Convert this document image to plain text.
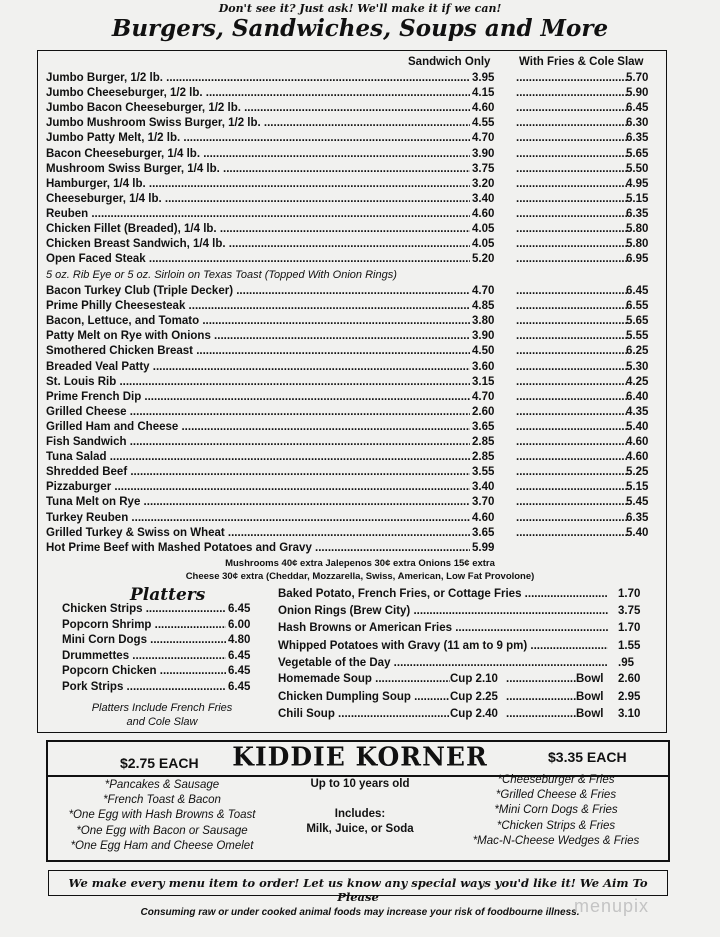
Don't see it? Just ask! We'll make it if we can!
Burgers, Sandwiches, Soups and More
Sandwich Only With Fries & Cole Slaw
Jumbo Burger, 1/2 lb. .....	3.95 .....	5.70
Jumbo Cheeseburger, 1/2 lb. .....	4.15 .....	5.90
Jumbo Bacon Cheeseburger, 1/2 lb. .....	4.60 .....	6.45
Jumbo Mushroom Swiss Burger, 1/2 lb. .....	4.55 .....	6.30
Jumbo Patty Melt, 1/2 lb. .....	4.70 .....	6.35
Bacon Cheeseburger, 1/4 lb. .....	3.90 .....	5.65
Mushroom Swiss Burger, 1/4 lb. .....	3.75 .....	5.50
Hamburger, 1/4 lb. .....	3.20 .....	4.95
Cheeseburger, 1/4 lb. .....	3.40 .....	5.15
Reuben .....	4.60 .....	6.35
Chicken Fillet (Breaded), 1/4 lb. .....	4.05 .....	5.80
Chicken Breast Sandwich, 1/4 lb. .....	4.05 .....	5.80
Open Faced Steak .....	5.20 .....	6.95
5 oz. Rib Eye or 5 oz. Sirloin on Texas Toast (Topped With Onion Rings)
Bacon Turkey Club (Triple Decker) .....	4.70 .....	6.45
Prime Philly Cheesesteak .....	4.85 .....	6.55
Bacon, Lettuce, and Tomato .....	3.80 .....	5.65
Patty Melt on Rye with Onions .....	3.90 .....	5.55
Smothered Chicken Breast .....	4.50 .....	6.25
Breaded Veal Patty .....	3.60 .....	5.30
St. Louis Rib .....	3.15 .....	4.25
Prime French Dip .....	4.70 .....	6.40
Grilled Cheese .....	2.60 .....	4.35
Grilled Ham and Cheese .....	3.65 .....	5.40
Fish Sandwich .....	2.85 .....	4.60
Tuna Salad .....	2.85 .....	4.60
Shredded Beef .....	3.55 .....	5.25
Pizzaburger .....	3.40 .....	5.15
Tuna Melt on Rye .....	3.70 .....	5.45
Turkey Reuben .....	4.60 .....	6.35
Grilled Turkey & Swiss on Wheat .....	3.65 .....	5.40
Hot Prime Beef with Mashed Potatoes and Gravy .....	5.99
Mushrooms 40¢ extra Jalepenos 30¢ extra Onions 15¢ extra
Cheese 30¢ extra (Cheddar, Mozzarella, Swiss, American, Low Fat Provolone)
Platters
Chicken Strips .....	6.45
Popcorn Shrimp .....	6.00
Mini Corn Dogs .....	4.80
Drummettes .....	6.45
Popcorn Chicken .....	6.45
Pork Strips .....	6.45
Platters Include French Fries
and Cole Slaw
Baked Potato, French Fries, or Cottage Fries .....	1.70
Onion Rings (Brew City) .....	3.75
Hash Browns or American Fries .....	1.70
Whipped Potatoes with Gravy (11 am to 9 pm) .....	1.55
Vegetable of the Day .....	.95
Homemade Soup .....	Cup 2.10 .....	Bowl 2.60
Chicken Dumpling Soup .....	Cup 2.25 .....	Bowl 2.95
Chili Soup .....	Cup 2.40 .....	Bowl 3.10
KIDDIE KORNER
$2.75 EACH	$3.35 EACH
*Pancakes & Sausage
*French Toast & Bacon
*One Egg with Hash Browns & Toast
*One Egg with Bacon or Sausage
*One Egg Ham and Cheese Omelet
Up to 10 years old
Includes:
Milk, Juice, or Soda
*Cheeseburger & Fries
*Grilled Cheese & Fries
*Mini Corn Dogs & Fries
*Chicken Strips & Fries
*Mac-N-Cheese Wedges & Fries
We make every menu item to order! Let us know any special ways you'd like it! We Aim To Please
Consuming raw or under cooked animal foods may increase your risk of foodbourne illness.
menupix
